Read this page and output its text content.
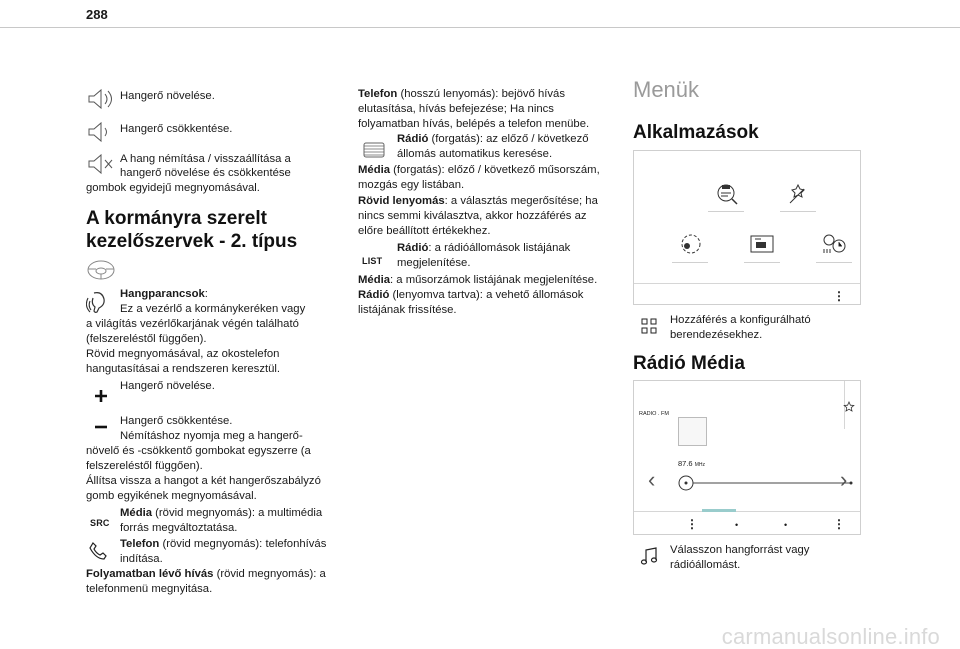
288
Hangerő növelése.
Hangerő csökkentése.
A hang némítása / visszaállítása a
hangerő növelése és csökkentése
gombok egyidejű megnyomásával.
A kormányra szerelt
kezelőszervek - 2. típus
Hangparancsok:
Ez a vezérlő a kormánykeréken vagy
a világítás vezérlőkarjának végén található
(felszereléstől függően).
Rövid megnyomásával, az okostelefon
hangutasításai a rendszeren keresztül.
Hangerő növelése.
Hangerő csökkentése.
Némításhoz nyomja meg a hangerő-
növelő és -csökkentő gombokat egyszerre (a
felszereléstől függően).
Állítsa vissza a hangot a két hangerőszabályzó
gomb egyikének megnyomásával.
SRC
Média (rövid megnyomás): a multimédia
forrás megváltoztatása.
Telefon (rövid megnyomás): telefonhívás
indítása.
Folyamatban lévő hívás (rövid megnyomás): a
telefonmenü megnyitása.
Telefon (hosszú lenyomás): bejövő hívás
elutasítása, hívás befejezése; Ha nincs
folyamatban hívás, belépés a telefon menübe.
Rádió (forgatás): az előző / következő
állomás automatikus keresése.
Média (forgatás): előző / következő műsorszám,
mozgás egy listában.
Rövid lenyomás: a választás megerősítése; ha
nincs semmi kiválasztva, akkor hozzáférés az
előre beállított értékekhez.
LIST
Rádió: a rádióállomások listájának
megjelenítése.
Média: a műsorzámok listájának megjelenítése.
Rádió (lenyomva tartva): a vehető állomások
listájának frissítése.
Menük
Alkalmazások
⋮
Hozzáférés a konfigurálható
berendezésekhez.
Rádió Média
RADIO . FM
87.6 MHz
‹	›
⋮	•	•	⋮
Válasszon hangforrást vagy
rádióállomást.
carmanualsonline.info
